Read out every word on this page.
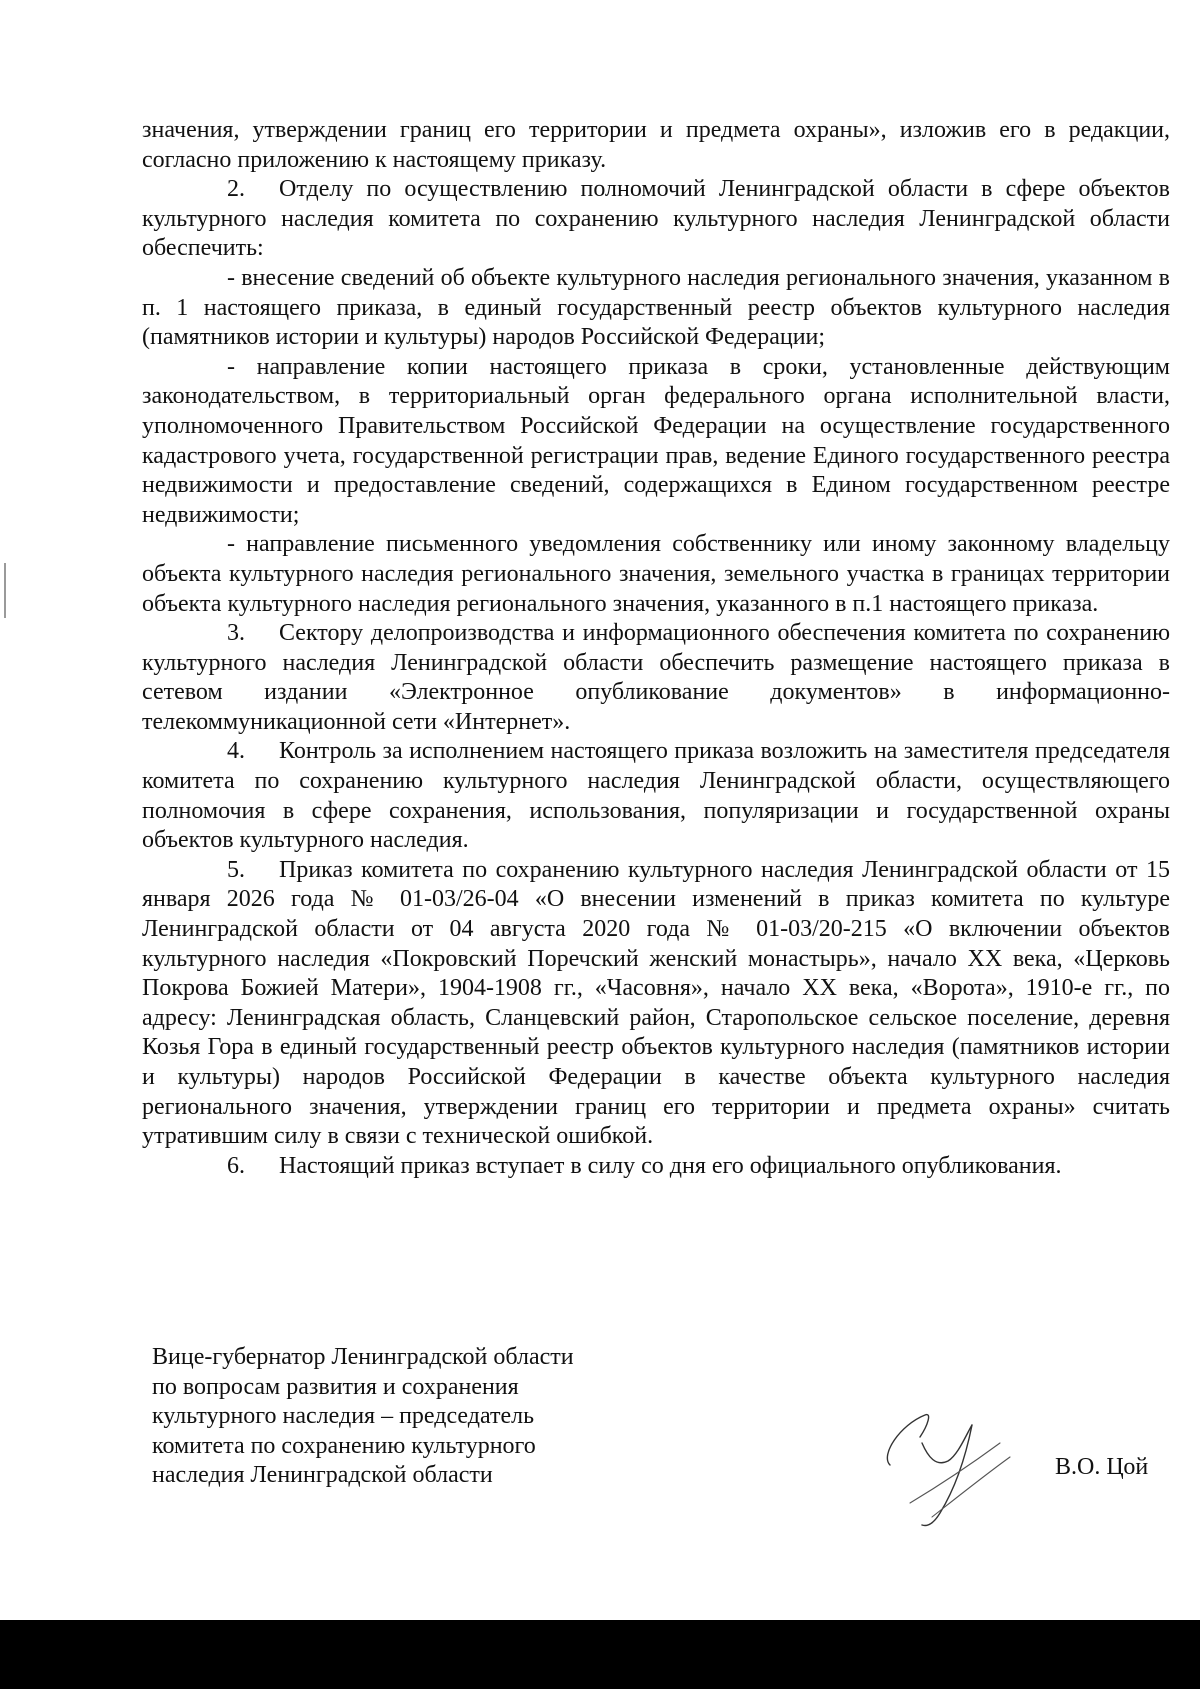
значения, утверждении границ его территории и предмета охраны», изложив его в редакции, согласно приложению к настоящему приказу.

2. Отделу по осуществлению полномочий Ленинградской области в сфере объектов культурного наследия комитета по сохранению культурного наследия Ленинградской области обеспечить:

- внесение сведений об объекте культурного наследия регионального значения, указанном в п. 1 настоящего приказа, в единый государственный реестр объектов культурного наследия (памятников истории и культуры) народов Российской Федерации;

- направление копии настоящего приказа в сроки, установленные действующим законодательством, в территориальный орган федерального органа исполнительной власти, уполномоченного Правительством Российской Федерации на осуществление государственного кадастрового учета, государственной регистрации прав, ведение Единого государственного реестра недвижимости и предоставление сведений, содержащихся в Едином государственном реестре недвижимости;

- направление письменного уведомления собственнику или иному законному владельцу объекта культурного наследия регионального значения, земельного участка в границах территории объекта культурного наследия регионального значения, указанного в п.1 настоящего приказа.

3. Сектору делопроизводства и информационного обеспечения комитета по сохранению культурного наследия Ленинградской области обеспечить размещение настоящего приказа в сетевом издании «Электронное опубликование документов» в информационно-телекоммуникационной сети «Интернет».

4. Контроль за исполнением настоящего приказа возложить на заместителя председателя комитета по сохранению культурного наследия Ленинградской области, осуществляющего полномочия в сфере сохранения, использования, популяризации и государственной охраны объектов культурного наследия.

5. Приказ комитета по сохранению культурного наследия Ленинградской области от 15 января 2026 года № 01-03/26-04 «О внесении изменений в приказ комитета по культуре Ленинградской области от 04 августа 2020 года № 01-03/20-215 «О включении объектов культурного наследия «Покровский Поречский женский монастырь», начало XX века, «Церковь Покрова Божией Матери», 1904-1908 гг., «Часовня», начало XX века, «Ворота», 1910-е гг., по адресу: Ленинградская область, Сланцевский район, Старопольское сельское поселение, деревня Козья Гора в единый государственный реестр объектов культурного наследия (памятников истории и культуры) народов Российской Федерации в качестве объекта культурного наследия регионального значения, утверждении границ его территории и предмета охраны» считать утратившим силу в связи с технической ошибкой.

6. Настоящий приказ вступает в силу со дня его официального опубликования.

Вице-губернатор Ленинградской области
по вопросам развития и сохранения
культурного наследия – председатель
комитета по сохранению культурного
наследия Ленинградской области	В.О. Цой
